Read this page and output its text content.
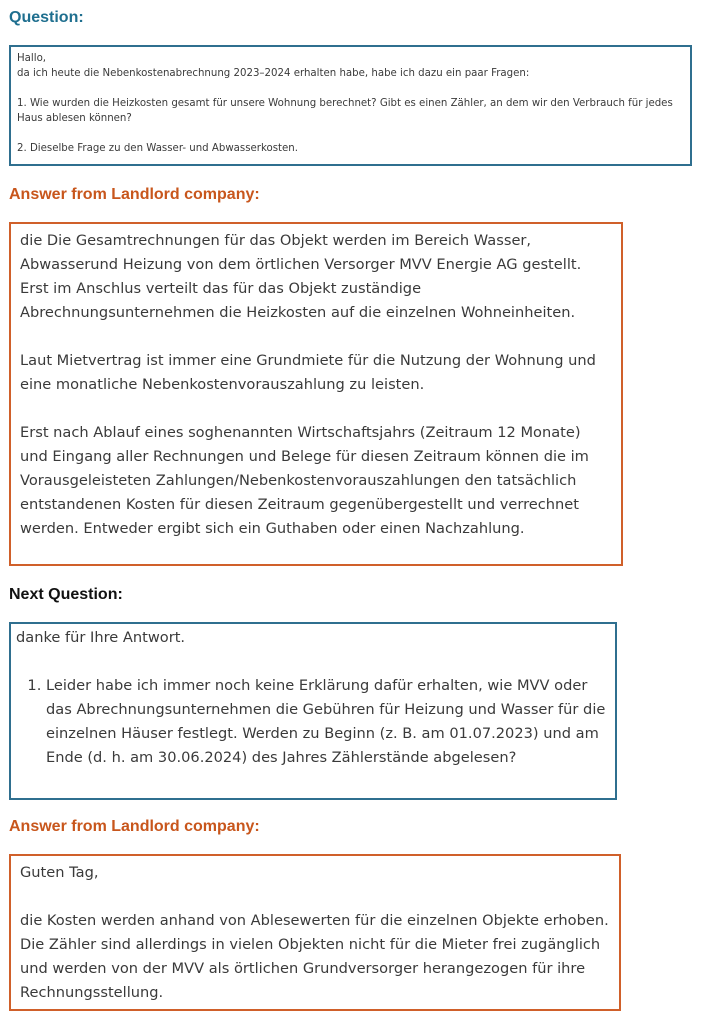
Question:

Hallo,

da ich heute die Nebenkostenabrechnung 2023–2024 erhalten habe, habe ich dazu ein paar Fragen:

1. Wie wurden die Heizkosten gesamt für unsere Wohnung berechnet? Gibt es einen Zähler, an dem wir den Verbrauch für jedes Haus ablesen können?

2. Dieselbe Frage zu den Wasser- und Abwasserkosten.

Answer from Landlord company:

die Die Gesamtrechnungen für das Objekt werden im Bereich Wasser, Abwasserund Heizung von dem örtlichen Versorger MVV Energie AG gestellt. Erst im Anschlus verteilt das für das Objekt zuständige Abrechnungsunternehmen die Heizkosten auf die einzelnen Wohneinheiten.

Laut Mietvertrag ist immer eine Grundmiete für die Nutzung der Wohnung und eine monatliche Nebenkostenvorauszahlung zu leisten.

Erst nach Ablauf eines soghenannten Wirtschaftsjahrs (Zeitraum 12 Monate) und Eingang aller Rechnungen und Belege für diesen Zeitraum können die im Vorausgeleisteten Zahlungen/Nebenkostenvorauszahlungen den tatsächlich entstandenen Kosten für diesen Zeitraum gegenübergestellt und verrechnet werden. Entweder ergibt sich ein Guthaben oder einen Nachzahlung.

Next Question:

danke für Ihre Antwort.

1. Leider habe ich immer noch keine Erklärung dafür erhalten, wie MVV oder das Abrechnungsunternehmen die Gebühren für Heizung und Wasser für die einzelnen Häuser festlegt. Werden zu Beginn (z. B. am 01.07.2023) und am Ende (d. h. am 30.06.2024) des Jahres Zählerstände abgelesen?
Answer from Landlord company:

Guten Tag,

die Kosten werden anhand von Ablesewerten für die einzelnen Objekte erhoben. Die Zähler sind allerdings in vielen Objekten nicht für die Mieter frei zugänglich und werden von der MVV als örtlichen Grundversorger herangezogen für ihre Rechnungsstellung.
